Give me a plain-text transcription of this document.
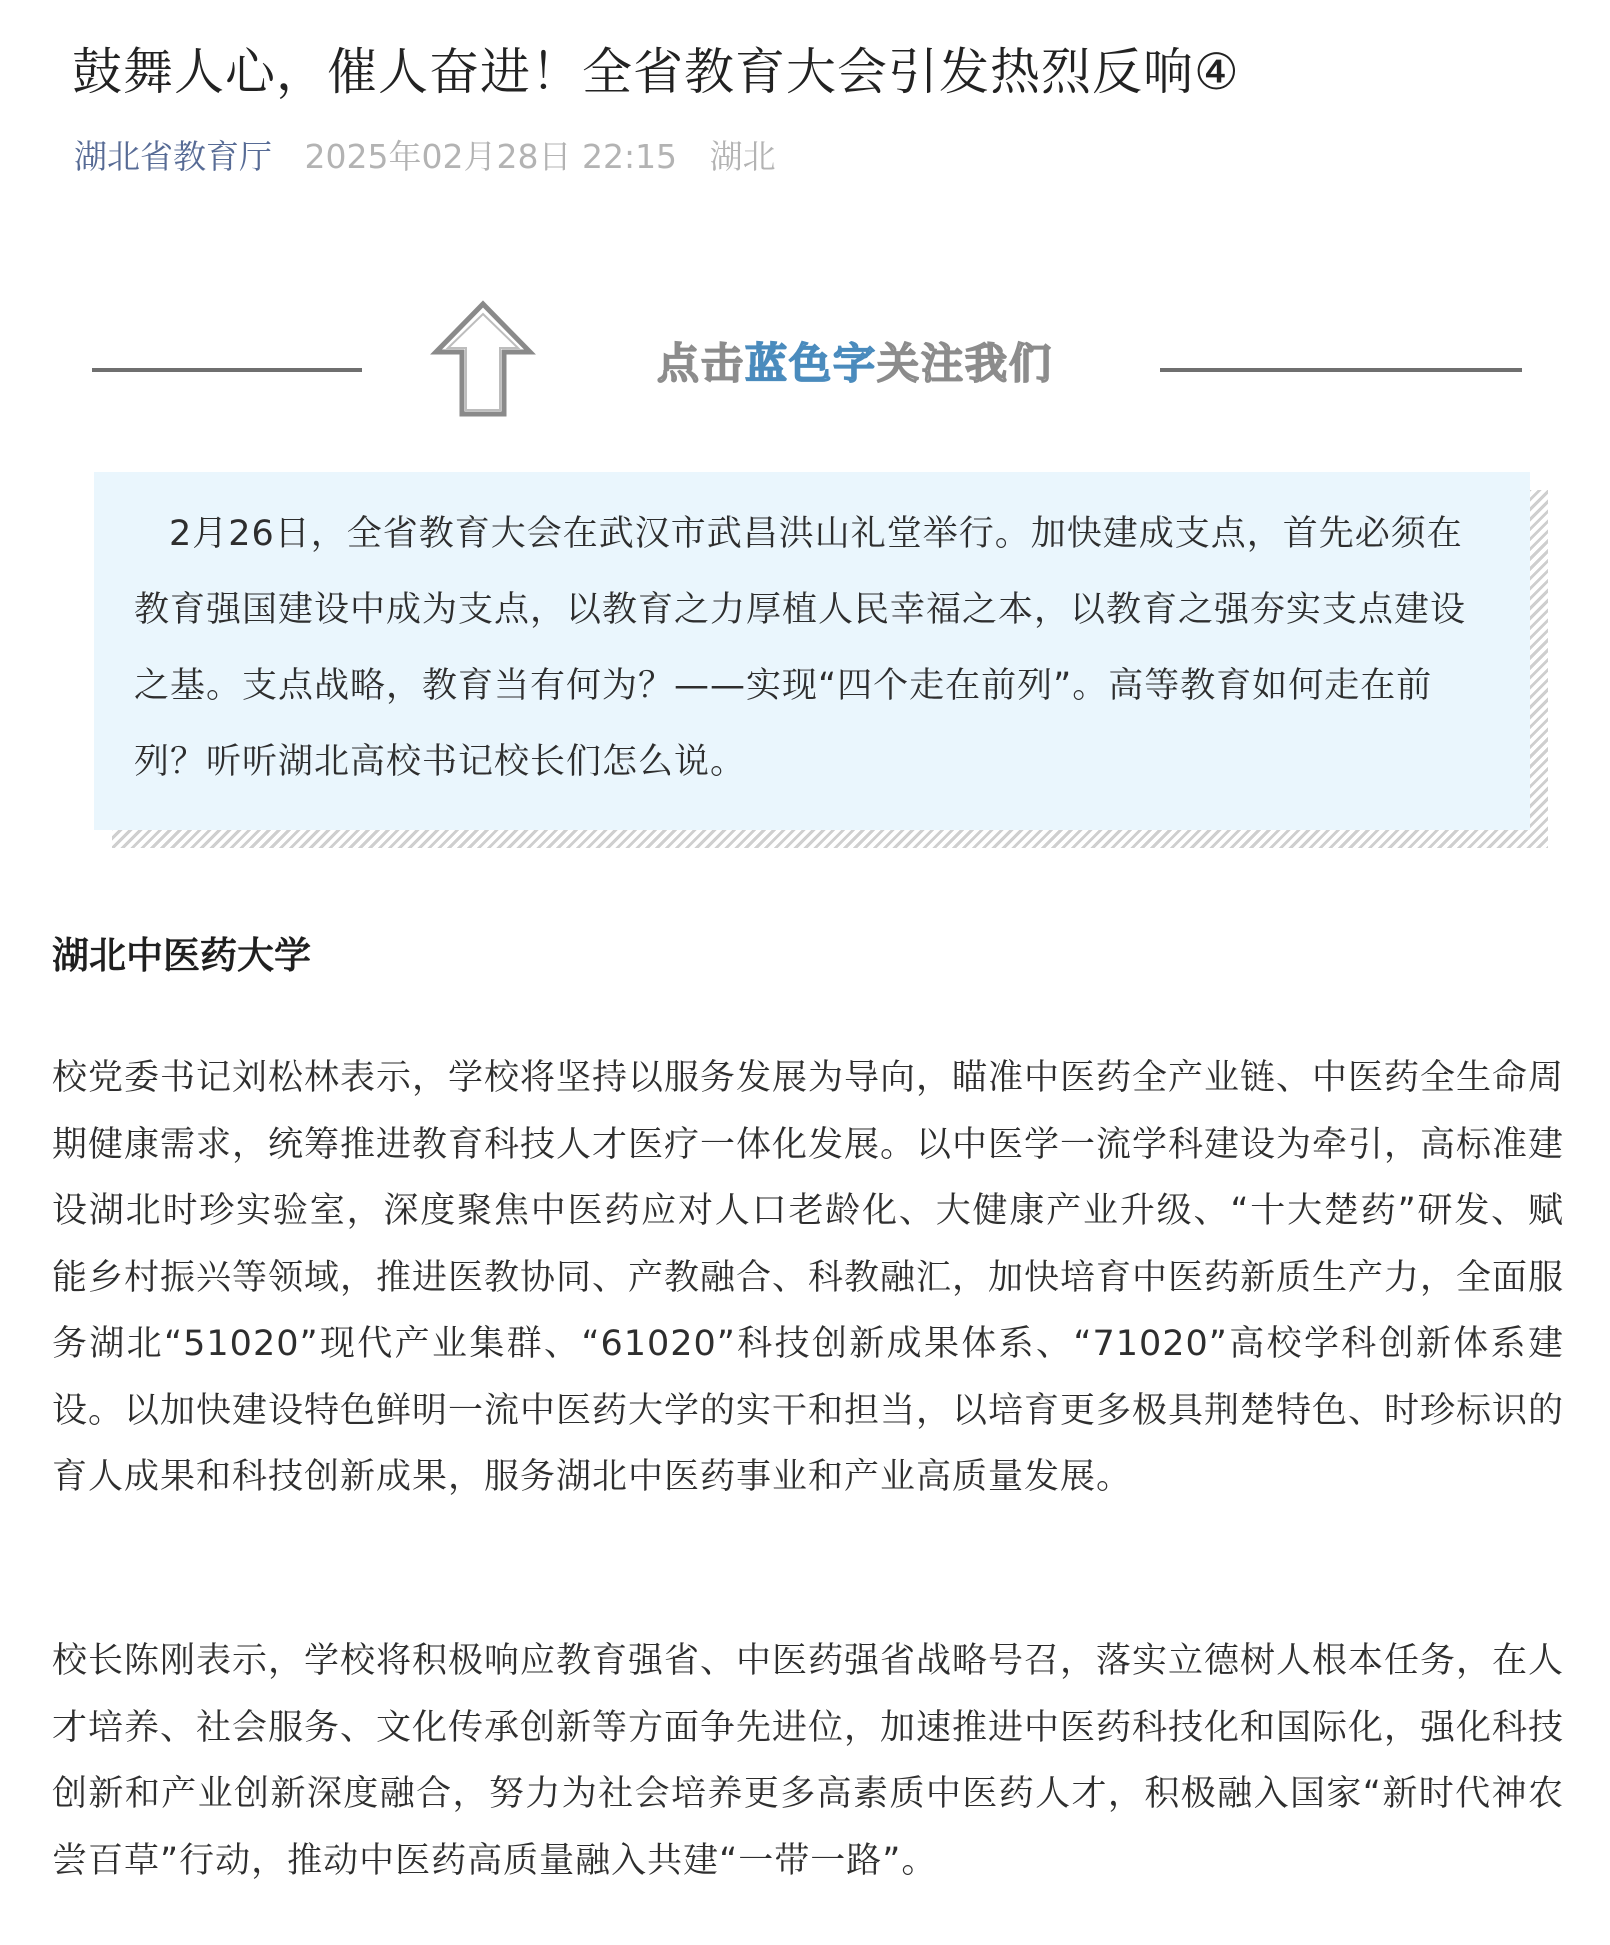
鼓舞人心，催人奋进！全省教育大会引发热烈反响④
湖北省教育厅 2025年02月28日 22:15 湖北
点击蓝色字关注我们

2月26日，全省教育大会在武汉市武昌洪山礼堂举行。加快建成支点，首先必须在教育强国建设中成为支点，以教育之力厚植人民幸福之本，以教育之强夯实支点建设之基。支点战略，教育当有何为？——实现“四个走在前列”。高等教育如何走在前列？听听湖北高校书记校长们怎么说。

湖北中医药大学

校党委书记刘松林表示，学校将坚持以服务发展为导向，瞄准中医药全产业链、中医药全生命周期健康需求，统筹推进教育科技人才医疗一体化发展。以中医学一流学科建设为牵引，高标准建设湖北时珍实验室，深度聚焦中医药应对人口老龄化、大健康产业升级、“十大楚药”研发、赋能乡村振兴等领域，推进医教协同、产教融合、科教融汇，加快培育中医药新质生产力，全面服务湖北“51020”现代产业集群、“61020”科技创新成果体系、“71020”高校学科创新体系建设。以加快建设特色鲜明一流中医药大学的实干和担当，以培育更多极具荆楚特色、时珍标识的育人成果和科技创新成果，服务湖北中医药事业和产业高质量发展。

校长陈刚表示，学校将积极响应教育强省、中医药强省战略号召，落实立德树人根本任务，在人才培养、社会服务、文化传承创新等方面争先进位，加速推进中医药科技化和国际化，强化科技创新和产业创新深度融合，努力为社会培养更多高素质中医药人才，积极融入国家“新时代神农尝百草”行动，推动中医药高质量融入共建“一带一路”。
